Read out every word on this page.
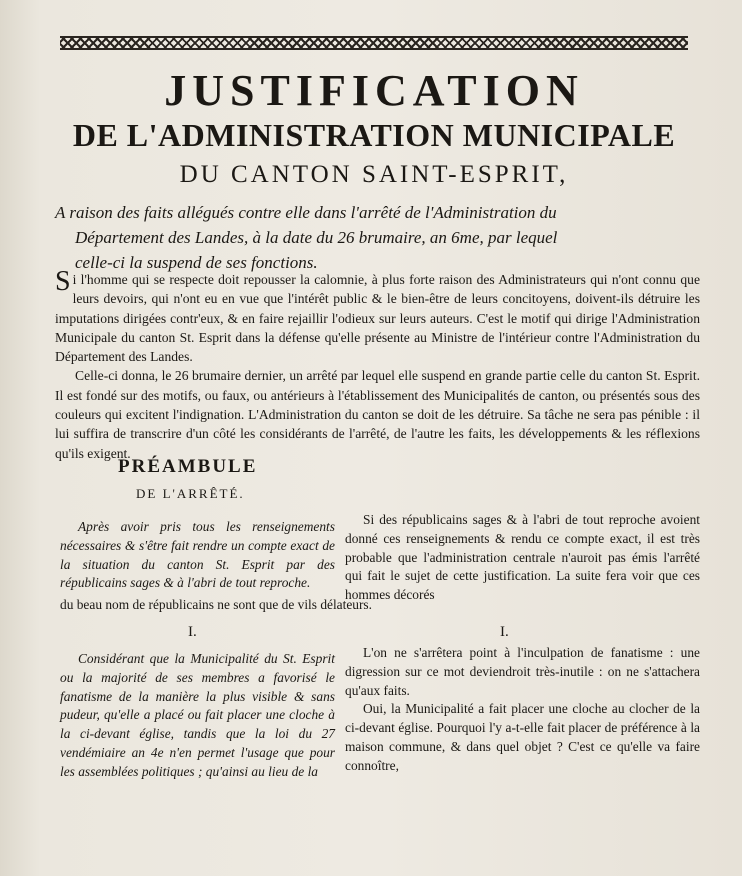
JUSTIFICATION
DE L'ADMINISTRATION MUNICIPALE
DU CANTON SAINT-ESPRIT,
A raison des faits allégués contre elle dans l'arrêté de l'Administration du
Département des Landes, à la date du 26 brumaire, an 6me, par lequel
celle-ci la suspend de ses fonctions.

Si l'homme qui se respecte doit repousser la calomnie, à plus forte raison des Administrateurs qui n'ont connu que leurs devoirs, qui n'ont eu en vue que l'intérêt public & le bien-être de leurs concitoyens, doivent-ils détruire les imputations dirigées contr'eux, & en faire rejaillir l'odieux sur leurs auteurs. C'est le motif qui dirige l'Administration Municipale du canton St. Esprit dans la défense qu'elle présente au Ministre de l'intérieur contre l'Administration du Département des Landes.

Celle-ci donna, le 26 brumaire dernier, un arrêté par lequel elle suspend en grande partie celle du canton St. Esprit. Il est fondé sur des motifs, ou faux, ou antérieurs à l'établissement des Municipalités de canton, ou présentés sous des couleurs qui excitent l'indignation. L'Administration du canton se doit de les détruire. Sa tâche ne sera pas pénible : il lui suffira de transcrire d'un côté les considérants de l'arrêté, de l'autre les faits, les développements & les réflexions qu'ils exigent.

PRÉAMBULE
DE L'ARRÊTÉ.

Après avoir pris tous les renseignements nécessaires & s'être fait rendre un compte exact de la situation du canton St. Esprit par des républicains sages & à l'abri de tout reproche.

Si des républicains sages & à l'abri de tout reproche avoient donné ces renseignements & rendu ce compte exact, il est très probable que l'administration centrale n'auroit pas émis l'arrêté qui fait le sujet de cette justification. La suite fera voir que ces hommes décorés

du beau nom de républicains ne sont que de vils délateurs.
I.	I.

Considérant que la Municipalité du St. Esprit ou la majorité de ses membres a favorisé le fanatisme de la manière la plus visible & sans pudeur, qu'elle a placé ou fait placer une cloche à la ci-devant église, tandis que la loi du 27 vendémiaire an 4e n'en permet l'usage que pour les assemblées politiques ; qu'ainsi au lieu de la

L'on ne s'arrêtera point à l'inculpation de fanatisme : une digression sur ce mot deviendroit très-inutile : on ne s'attachera qu'aux faits.

Oui, la Municipalité a fait placer une cloche au clocher de la ci-devant église. Pourquoi l'y a-t-elle fait placer de préférence à la maison commune, & dans quel objet ? C'est ce qu'elle va faire connoître,
